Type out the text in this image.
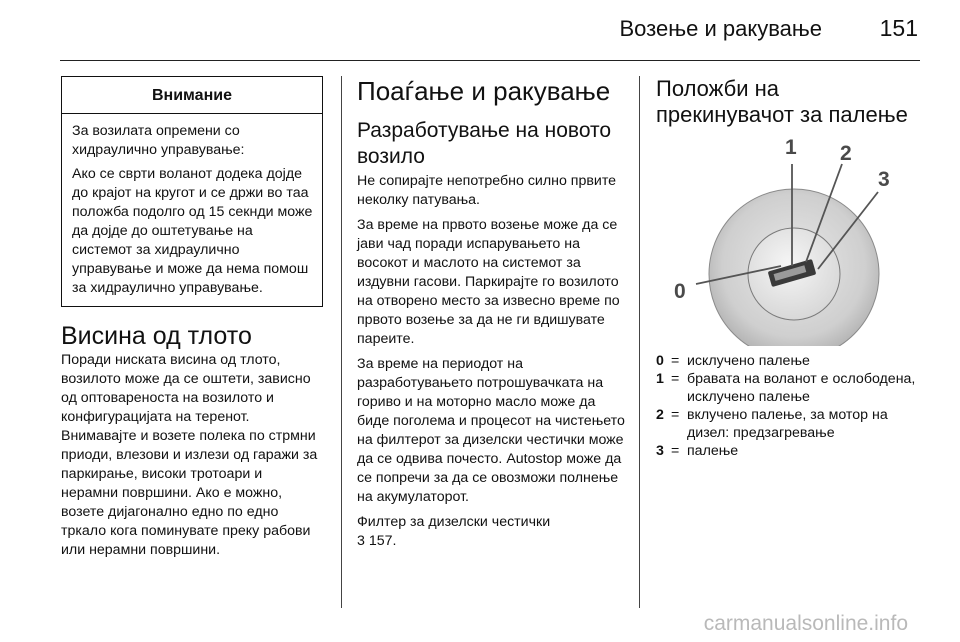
Возење и ракување	151
Внимание

За возилата опремени со хидраулично управување:

Ако се сврти воланот додека дојде до крајот на кругот и се држи во таа положба подолго од 15 секнди може да дојде до оштетување на системот за хидраулично управување и може да нема помош за хидраулично управување.

Висина од тлото

Поради ниската висина од тлото, возилото може да се оштети, зависно од оптовареноста на возилото и конфигурацијата на теренот. Внимавајте и возете полека по стрмни приоди, влезови и излези од гаражи за паркирање, високи тротоари и нерамни површини. Ако е можно, возете дијагонално едно по едно тркало кога поминувате преку рабови или нерамни површини.

Поаѓање и ракување
Разработување на новото возило

Не сопирајте непотребно силно првите неколку патувања.

За време на првото возење може да се јави чад поради испарувањето на восокот и маслото на системот за издувни гасови. Паркирајте го возилото на отворено место за извесно време по првото возење за да не ги вдишувате пареите.

За време на периодот на разработувањето потрошувачката на гориво и на моторно масло може да биде поголема и процесот на чистењето на филтерот за дизелски честички може да се одвива почесто. Autostop може да се попречи за да се овозможи полнење на акумулаторот.

Филтер за дизелски честички

3 157.

Положби на прекинувачот за палење
0
1 2
3
0 = исклучено палење
1 = бравата на воланот е ослободена, исклучено палење
2 = вклучено палење, за мотор на дизел: предзагревање
3 = палење
carmanualsonline.info
